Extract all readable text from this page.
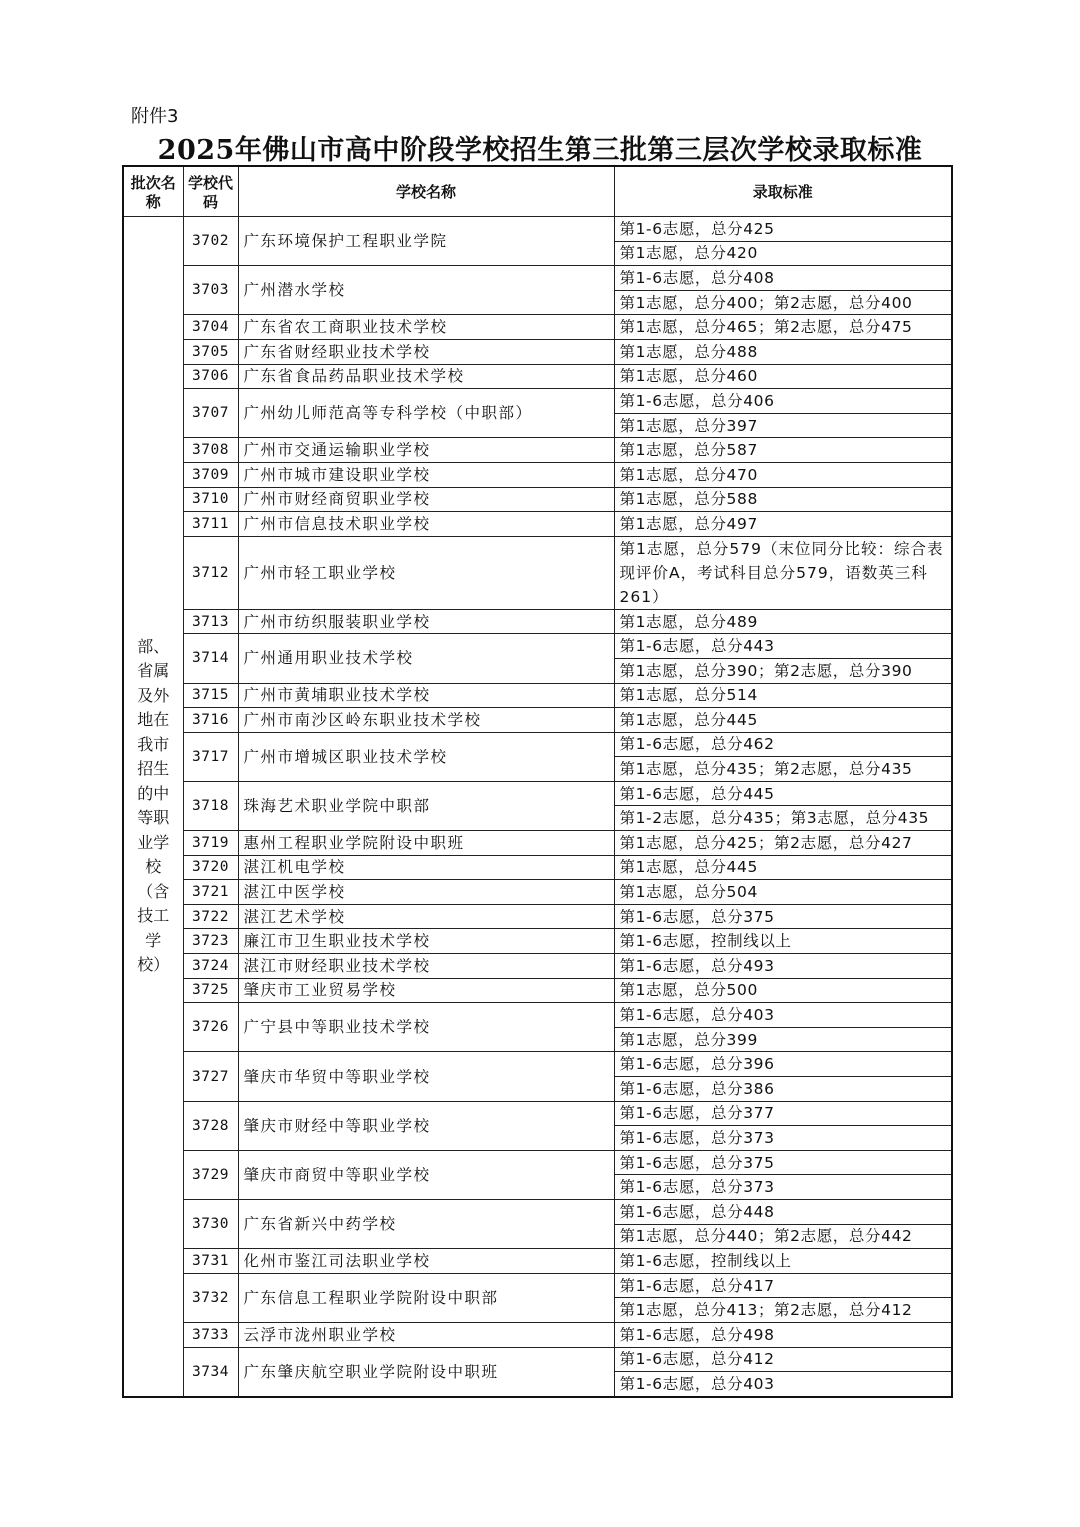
附件3
2025年佛山市高中阶段学校招生第三批第三层次学校录取标准
批次名称	学校代码	学校名称	录取标准
部、省属及外地在我市招生的中等职业学校（含技工学校）	3702	广东环境保护工程职业学院	第1-6志愿，总分425
			第1志愿，总分420
	3703	广州潜水学校	第1-6志愿，总分408
			第1志愿，总分400；第2志愿，总分400
	3704	广东省农工商职业技术学校	第1志愿，总分465；第2志愿，总分475
	3705	广东省财经职业技术学校	第1志愿，总分488
	3706	广东省食品药品职业技术学校	第1志愿，总分460
	3707	广州幼儿师范高等专科学校（中职部）	第1-6志愿，总分406
			第1志愿，总分397
	3708	广州市交通运输职业学校	第1志愿，总分587
	3709	广州市城市建设职业学校	第1志愿，总分470
	3710	广州市财经商贸职业学校	第1志愿，总分588
	3711	广州市信息技术职业学校	第1志愿，总分497
	3712	广州市轻工职业学校	第1志愿，总分579（末位同分比较：综合表现评价A，考试科目总分579，语数英三科261）
	3713	广州市纺织服装职业学校	第1志愿，总分489
	3714	广州通用职业技术学校	第1-6志愿，总分443
			第1志愿，总分390；第2志愿，总分390
	3715	广州市黄埔职业技术学校	第1志愿，总分514
	3716	广州市南沙区岭东职业技术学校	第1志愿，总分445
	3717	广州市增城区职业技术学校	第1-6志愿，总分462
			第1志愿，总分435；第2志愿，总分435
	3718	珠海艺术职业学院中职部	第1-6志愿，总分445
			第1-2志愿，总分435；第3志愿，总分435
	3719	惠州工程职业学院附设中职班	第1志愿，总分425；第2志愿，总分427
	3720	湛江机电学校	第1志愿，总分445
	3721	湛江中医学校	第1志愿，总分504
	3722	湛江艺术学校	第1-6志愿，总分375
	3723	廉江市卫生职业技术学校	第1-6志愿，控制线以上
	3724	湛江市财经职业技术学校	第1-6志愿，总分493
	3725	肇庆市工业贸易学校	第1志愿，总分500
	3726	广宁县中等职业技术学校	第1-6志愿，总分403
			第1志愿，总分399
	3727	肇庆市华贸中等职业学校	第1-6志愿，总分396
			第1-6志愿，总分386
	3728	肇庆市财经中等职业学校	第1-6志愿，总分377
			第1-6志愿，总分373
	3729	肇庆市商贸中等职业学校	第1-6志愿，总分375
			第1-6志愿，总分373
	3730	广东省新兴中药学校	第1-6志愿，总分448
			第1志愿，总分440；第2志愿，总分442
	3731	化州市鉴江司法职业学校	第1-6志愿，控制线以上
	3732	广东信息工程职业学院附设中职部	第1-6志愿，总分417
			第1志愿，总分413；第2志愿，总分412
	3733	云浮市泷州职业学校	第1-6志愿，总分498
	3734	广东肇庆航空职业学院附设中职班	第1-6志愿，总分412
			第1-6志愿，总分403
